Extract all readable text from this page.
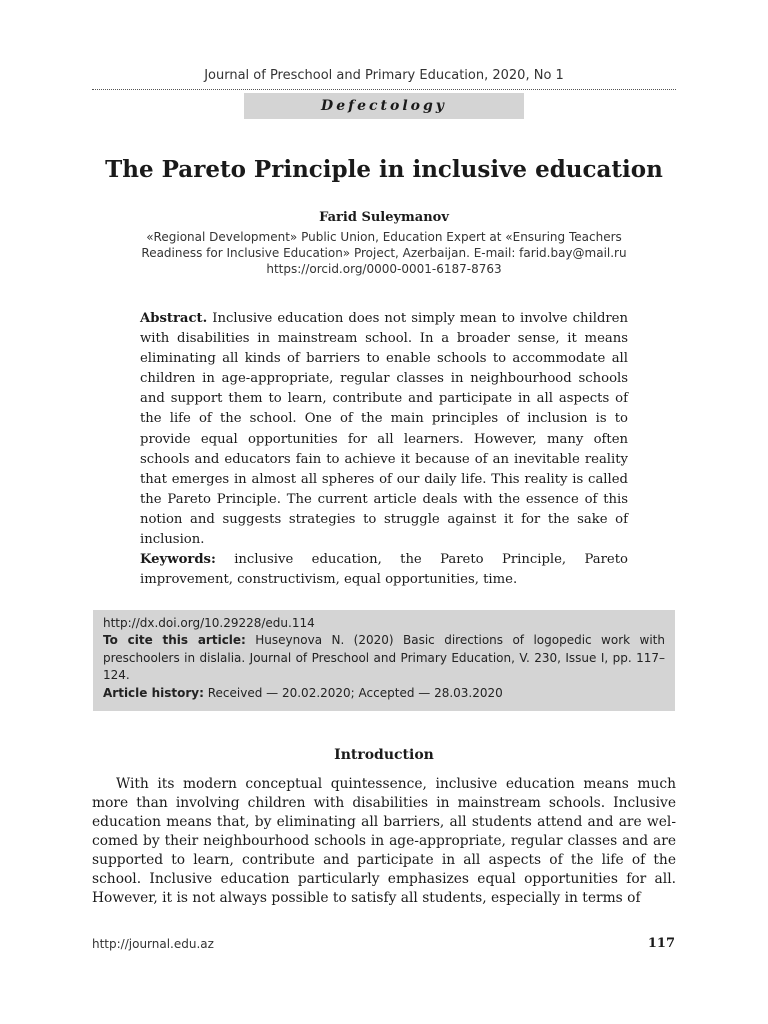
Journal of Preschool and Primary Education, 2020, No 1
Defectology
The Pareto Principle in inclusive education
Farid Suleymanov
«Regional Development» Public Union, Education Expert at «Ensuring Teachers
Readiness for Inclusive Education» Project, Azerbaijan. E-mail: farid.bay@mail.ru
https://orcid.org/0000-0001-6187-8763

Abstract. Inclusive education does not simply mean to involve children with disabilities in mainstream school. In a broader sense, it means eliminating all kinds of barriers to enable schools to accommodate all children in age-appropriate, regular classes in neighbourhood schools and support them to learn, contribute and participate in all aspects of the life of the school. One of the main principles of inclusion is to provide equal opportunities for all learners. However, many often schools and educators fain to achieve it because of an inevitable reality that emerges in almost all spheres of our daily life. This reality is called the Pareto Principle. The current article deals with the essence of this notion and suggests strategies to struggle against it for the sake of inclusion.

Keywords: inclusive education, the Pareto Principle, Pareto improvement, constructivism, equal opportunities, time.

http://dx.doi.org/10.29228/edu.114
To cite this article: Huseynova N. (2020) Basic directions of logopedic work with preschoolers in dislalia. Journal of Preschool and Primary Education, V. 230, Issue I, pp. 117–124.
Article history: Received — 20.02.2020; Accepted — 28.03.2020
Introduction

With its modern conceptual quintessence, inclusive education means much more than involving children with disabilities in mainstream schools. Inclusive education means that, by eliminating all barriers, all students attend and are welcomed by their neighbourhood schools in age-appropriate, regular classes and are supported to learn, contribute and participate in all aspects of the life of the school. Inclusive education particularly emphasizes equal opportunities for all. However, it is not always possible to satisfy all students, especially in terms of

http://journal.edu.az	117
